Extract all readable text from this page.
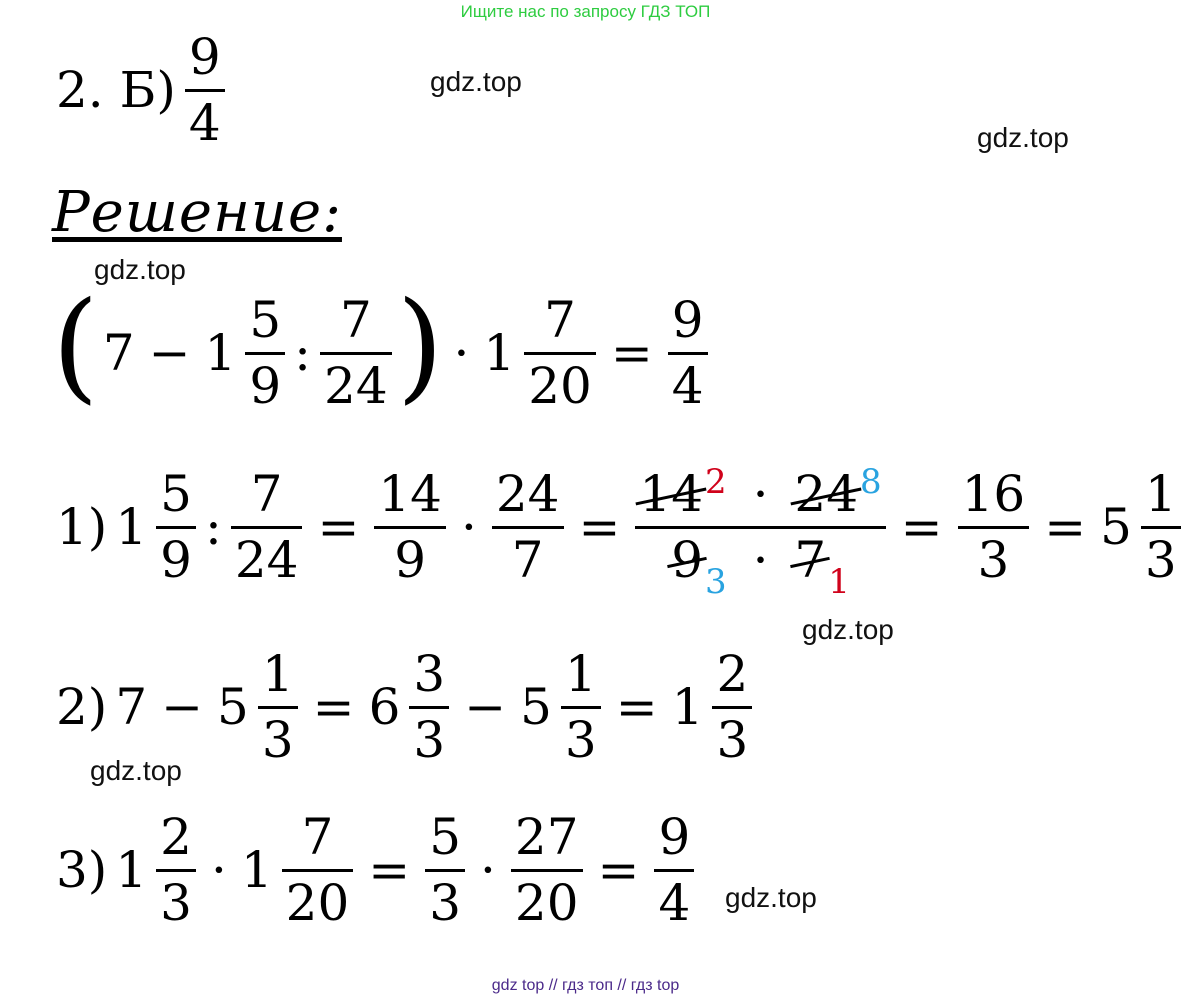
Ищите нас по запросу ГДЗ ТОП
2. $Б) \frac{9}{4}$	gdz.top
gdz.top
Решение:
gdz.top
( $7 - 1 \frac{5}{9}$ : $\frac{7}{24}$ ) · $1 \frac{7}{20} = \frac{9}{4}$
1) $1 \frac{5}{9}$ : $\frac{7}{24} = \frac{14}{9} \cdot \frac{24}{7} = \frac{14^2 \cdot 24^8}{9_3 \cdot 7_1} = \frac{16}{3} = 5 \frac{1}{3}$
gdz.top
2) $7 - 5 \frac{1}{3} = 6 \frac{3}{3} - 5 \frac{1}{3} = 1 \frac{2}{3}$
gdz.top
3) $1 \frac{2}{3} \cdot 1 \frac{7}{20} = \frac{5}{3} \cdot \frac{27}{20} = \frac{9}{4} gdz.top$
gdz top // гдз топ // гдз top
